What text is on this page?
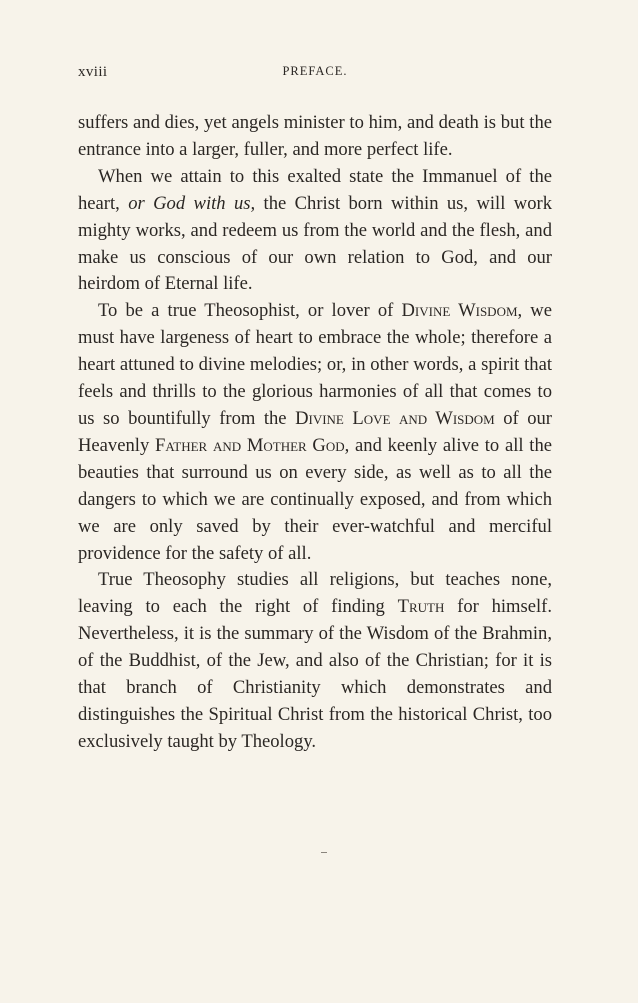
xviii	PREFACE.

suffers and dies, yet angels minister to him, and death is but the entrance into a larger, fuller, and more perfect life.

When we attain to this exalted state the Immanuel of the heart, or God with us, the Christ born within us, will work mighty works, and redeem us from the world and the flesh, and make us conscious of our own relation to God, and our heirdom of Eternal life.

To be a true Theosophist, or lover of Divine Wisdom, we must have largeness of heart to embrace the whole; therefore a heart attuned to divine melodies; or, in other words, a spirit that feels and thrills to the glorious harmonies of all that comes to us so bountifully from the Divine Love and Wisdom of our Heavenly Father and Mother God, and keenly alive to all the beauties that surround us on every side, as well as to all the dangers to which we are continually exposed, and from which we are only saved by their ever-watchful and merciful providence for the safety of all.

True Theosophy studies all religions, but teaches none, leaving to each the right of finding Truth for himself. Nevertheless, it is the summary of the Wisdom of the Brahmin, of the Buddhist, of the Jew, and also of the Christian; for it is that branch of Christianity which demonstrates and distinguishes the Spiritual Christ from the historical Christ, too exclusively taught by Theology.
